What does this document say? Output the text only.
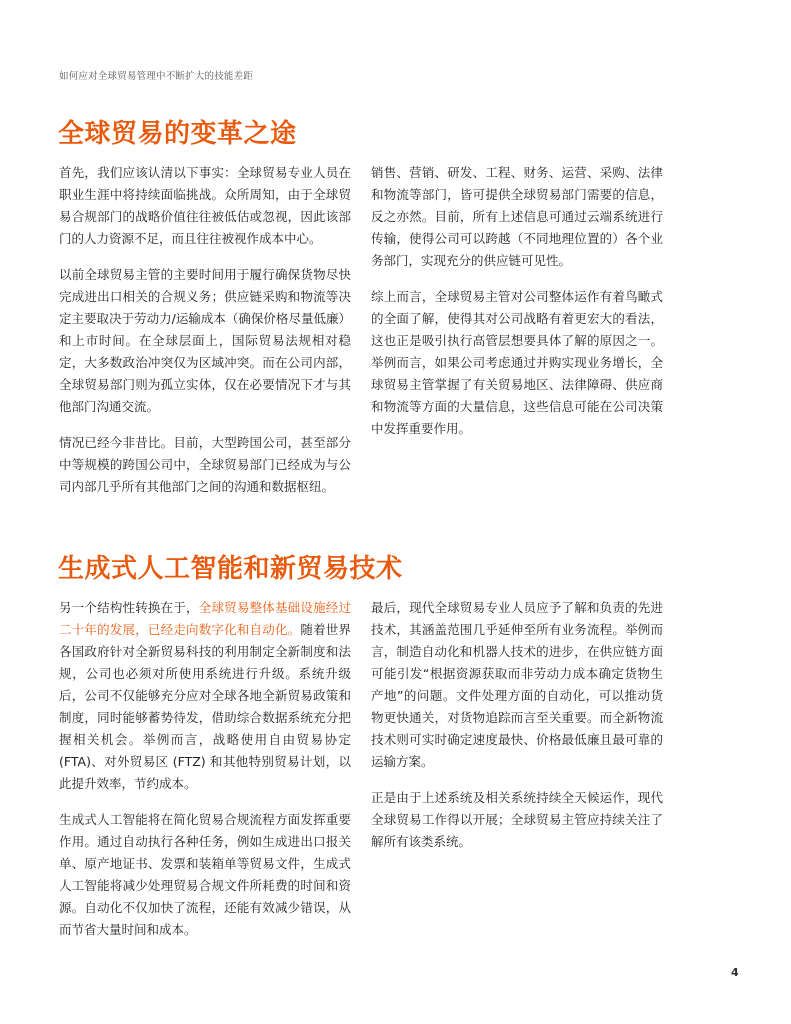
如何应对全球贸易管理中不断扩大的技能差距
全球贸易的变革之途

首先，我们应该认清以下事实：全球贸易专业人员在职业生涯中将持续面临挑战。众所周知，由于全球贸易合规部门的战略价值往往被低估或忽视，因此该部门的人力资源不足，而且往往被视作成本中心。

以前全球贸易主管的主要时间用于履行确保货物尽快完成进出口相关的合规义务；供应链采购和物流等决定主要取决于劳动力/运输成本（确保价格尽量低廉）和上市时间。在全球层面上，国际贸易法规相对稳定，大多数政治冲突仅为区域冲突。而在公司内部，全球贸易部门则为孤立实体，仅在必要情况下才与其他部门沟通交流。

情况已经今非昔比。目前，大型跨国公司，甚至部分中等规模的跨国公司中，全球贸易部门已经成为与公司内部几乎所有其他部门之间的沟通和数据枢纽。

销售、营销、研发、工程、财务、运营、采购、法律和物流等部门，皆可提供全球贸易部门需要的信息，反之亦然。目前，所有上述信息可通过云端系统进行传输，使得公司可以跨越（不同地理位置的）各个业务部门，实现充分的供应链可见性。

综上而言，全球贸易主管对公司整体运作有着鸟瞰式的全面了解，使得其对公司战略有着更宏大的看法，这也正是吸引执行高管层想要具体了解的原因之一。举例而言，如果公司考虑通过并购实现业务增长，全球贸易主管掌握了有关贸易地区、法律障碍、供应商和物流等方面的大量信息，这些信息可能在公司决策中发挥重要作用。

生成式人工智能和新贸易技术

另一个结构性转换在于，全球贸易整体基础设施经过二十年的发展，已经走向数字化和自动化。随着世界各国政府针对全新贸易科技的利用制定全新制度和法规，公司也必须对所使用系统进行升级。系统升级后，公司不仅能够充分应对全球各地全新贸易政策和制度，同时能够蓄势待发，借助综合数据系统充分把握相关机会。举例而言，战略使用自由贸易协定 (FTA)、对外贸易区 (FTZ) 和其他特别贸易计划，以此提升效率，节约成本。

生成式人工智能将在简化贸易合规流程方面发挥重要作用。通过自动执行各种任务，例如生成进出口报关单、原产地证书、发票和装箱单等贸易文件，生成式人工智能将减少处理贸易合规文件所耗费的时间和资源。自动化不仅加快了流程，还能有效减少错误，从而节省大量时间和成本。

最后，现代全球贸易专业人员应予了解和负责的先进技术，其涵盖范围几乎延伸至所有业务流程。举例而言，制造自动化和机器人技术的进步，在供应链方面可能引发“根据资源获取而非劳动力成本确定货物生产地”的问题。文件处理方面的自动化，可以推动货物更快通关，对货物追踪而言至关重要。而全新物流技术则可实时确定速度最快、价格最低廉且最可靠的运输方案。

正是由于上述系统及相关系统持续全天候运作，现代全球贸易工作得以开展；全球贸易主管应持续关注了解所有该类系统。

4
